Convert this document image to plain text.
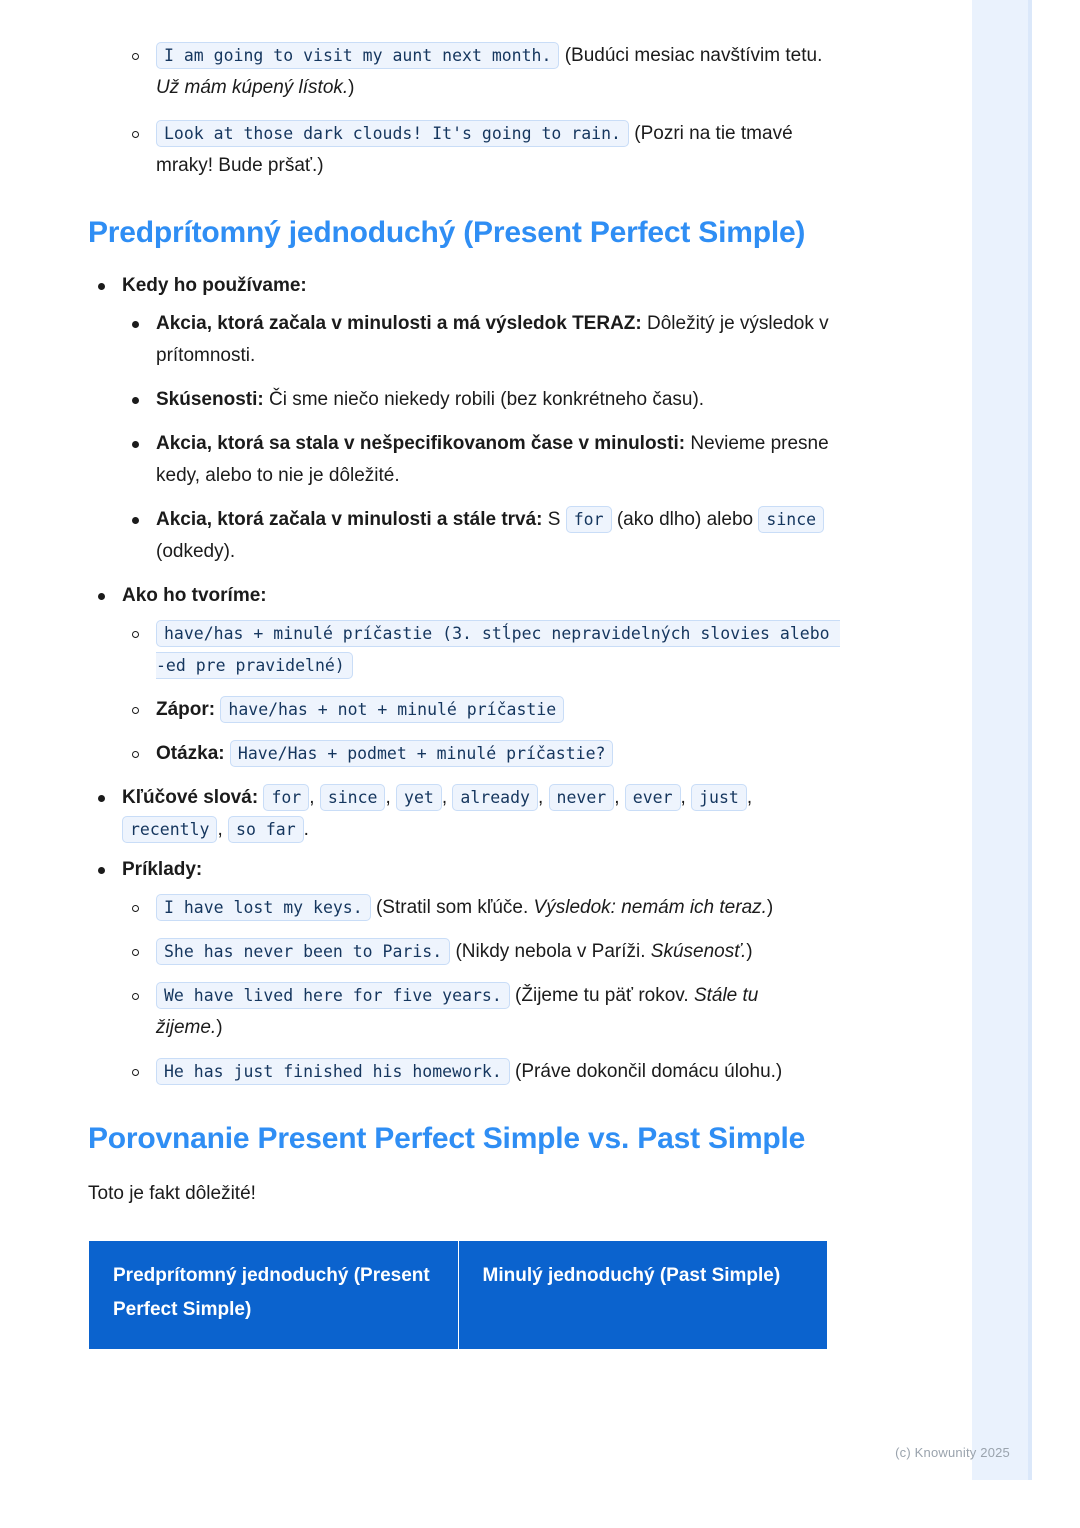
I am going to visit my aunt next month. (Budúci mesiac navštívim tetu. Už mám kúpený lístok.)
Look at those dark clouds! It's going to rain. (Pozri na tie tmavé mraky! Bude pršať.)
Predprítomný jednoduchý (Present Perfect Simple)
Kedy ho používame:
Akcia, ktorá začala v minulosti a má výsledok TERAZ: Dôležitý je výsledok v prítomnosti.
Skúsenosti: Či sme niečo niekedy robili (bez konkrétneho času).
Akcia, ktorá sa stala v nešpecifikovanom čase v minulosti: Nevieme presne kedy, alebo to nie je dôležité.
Akcia, ktorá začala v minulosti a stále trvá: S for (ako dlho) alebo since (odkedy).
Ako ho tvoríme:
have/has + minulé príčastie (3. stĺpec nepravidelných slovies alebo -ed pre pravidelné)
Zápor: have/has + not + minulé príčastie
Otázka: Have/Has + podmet + minulé príčastie?
Kľúčové slová: for , since , yet , already , never , ever , just , recently , so far .
Príklady:
I have lost my keys. (Stratil som kľúče. Výsledok: nemám ich teraz.)
She has never been to Paris. (Nikdy nebola v Paríži. Skúsenosť.)
We have lived here for five years. (Žijeme tu päť rokov. Stále tu žijeme.)
He has just finished his homework. (Práve dokončil domácu úlohu.)
Porovnanie Present Perfect Simple vs. Past Simple

Toto je fakt dôležité!

Predprítomný jednoduchý (Present Perfect Simple)	Minulý jednoduchý (Past Simple)
(c) Knowunity 2025
